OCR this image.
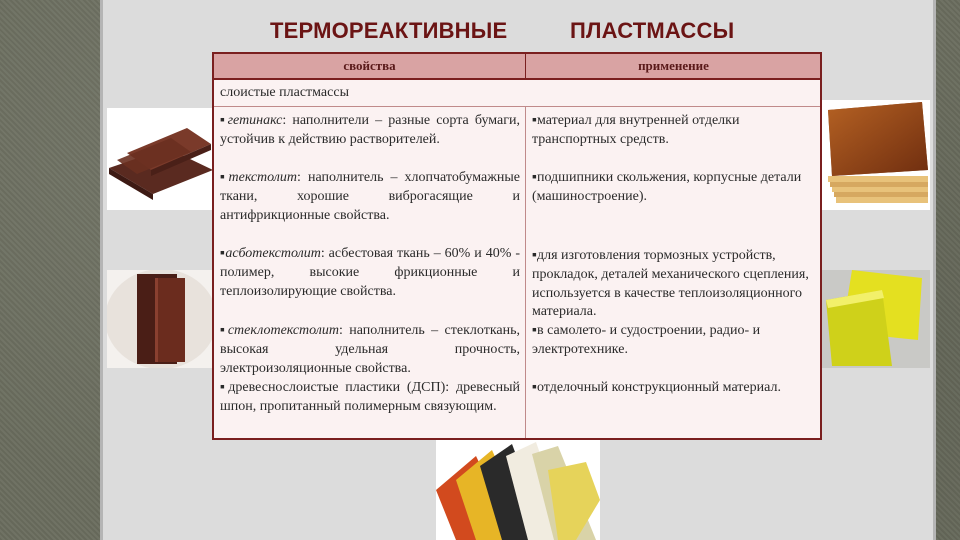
ТЕРМОРЕАКТИВНЫЕ	ПЛАСТМАССЫ
свойства	применение
слоистые пластмассы
▪гетинакс: наполнители – разные сорта бумаги, устойчив к действию растворителей.
▪текстолит: наполнитель – хлопчатобумажные ткани, хорошие виброгасящие и антифрикционные свойства.
▪асботекстолит: асбестовая ткань – 60% и 40% - полимер, высокие фрикционные и теплоизолирующие свойства.
▪стеклотекстолит: наполнитель – стеклоткань, высокая удельная прочность, электроизоляционные свойства.
▪древеснослоистые пластики (ДСП): древесный шпон, пропитанный полимерным связующим.
▪материал для внутренней отделки транспортных средств.
▪подшипники скольжения, корпусные детали (машиностроение).
▪для изготовления тормозных устройств, прокладок, деталей механического сцепления, используется в качестве теплоизоляционного материала.
▪в самолето- и судостроении, радио- и электротехнике.
▪отделочный конструкционный материал.
